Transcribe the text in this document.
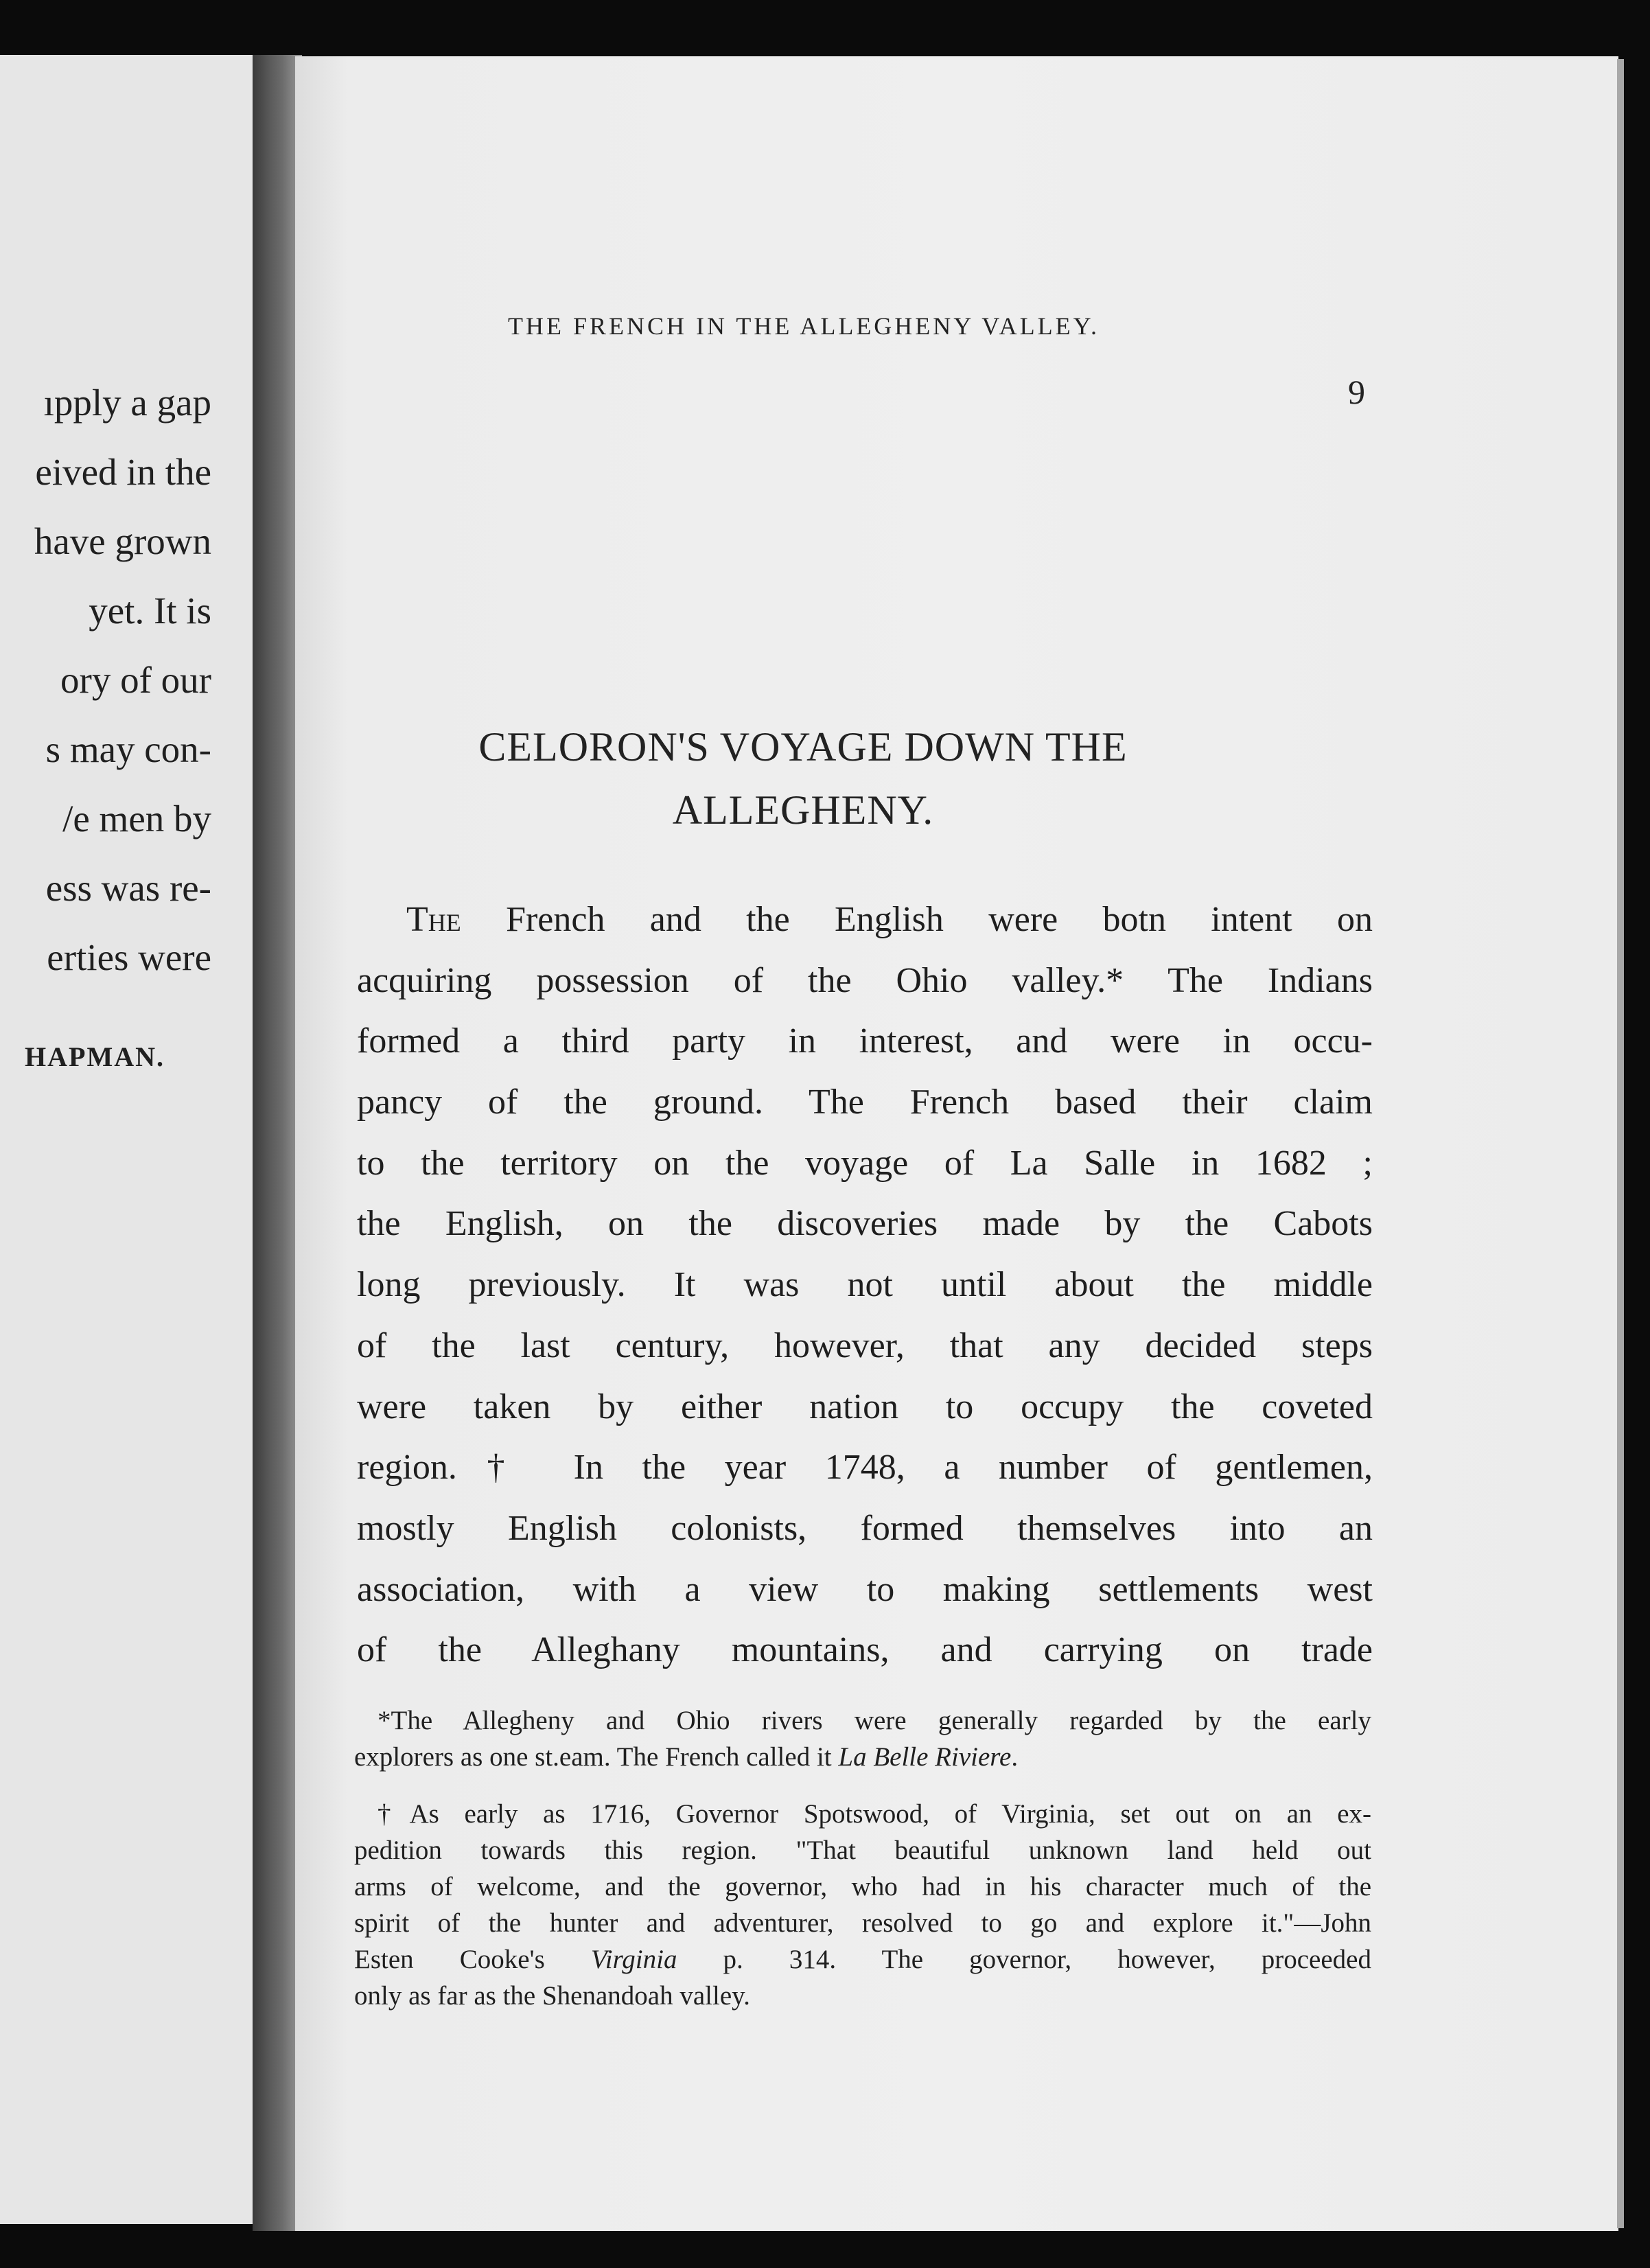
ıpply a gap
eived in the
have grown
yet. It is
ory of our
s may con-
/e men by
ess was re-
erties were
HAPMAN.
THE FRENCH IN THE ALLEGHENY VALLEY.
9
CELORON'S VOYAGE DOWN THE
ALLEGHENY.
The French and the English were botn intent on
acquiring possession of the Ohio valley.* The Indians
formed a third party in interest, and were in occu-
pancy of the ground. The French based their claim
to the territory on the voyage of La Salle in 1682 ;
the English, on the discoveries made by the Cabots
long previously. It was not until about the middle
of the last century, however, that any decided steps
were taken by either nation to occupy the coveted
region.† In the year 1748, a number of gentlemen,
mostly English colonists, formed themselves into an
association, with a view to making settlements west
of the Alleghany mountains, and carrying on trade
*The Allegheny and Ohio rivers were generally regarded by the early
explorers as one st.eam. The French called it La Belle Riviere.
†As early as 1716, Governor Spotswood, of Virginia, set out on an ex-
pedition towards this region. "That beautiful unknown land held out
arms of welcome, and the governor, who had in his character much of the
spirit of the hunter and adventurer, resolved to go and explore it."—John
Esten Cooke's Virginia p. 314. The governor, however, proceeded
only as far as the Shenandoah valley.
